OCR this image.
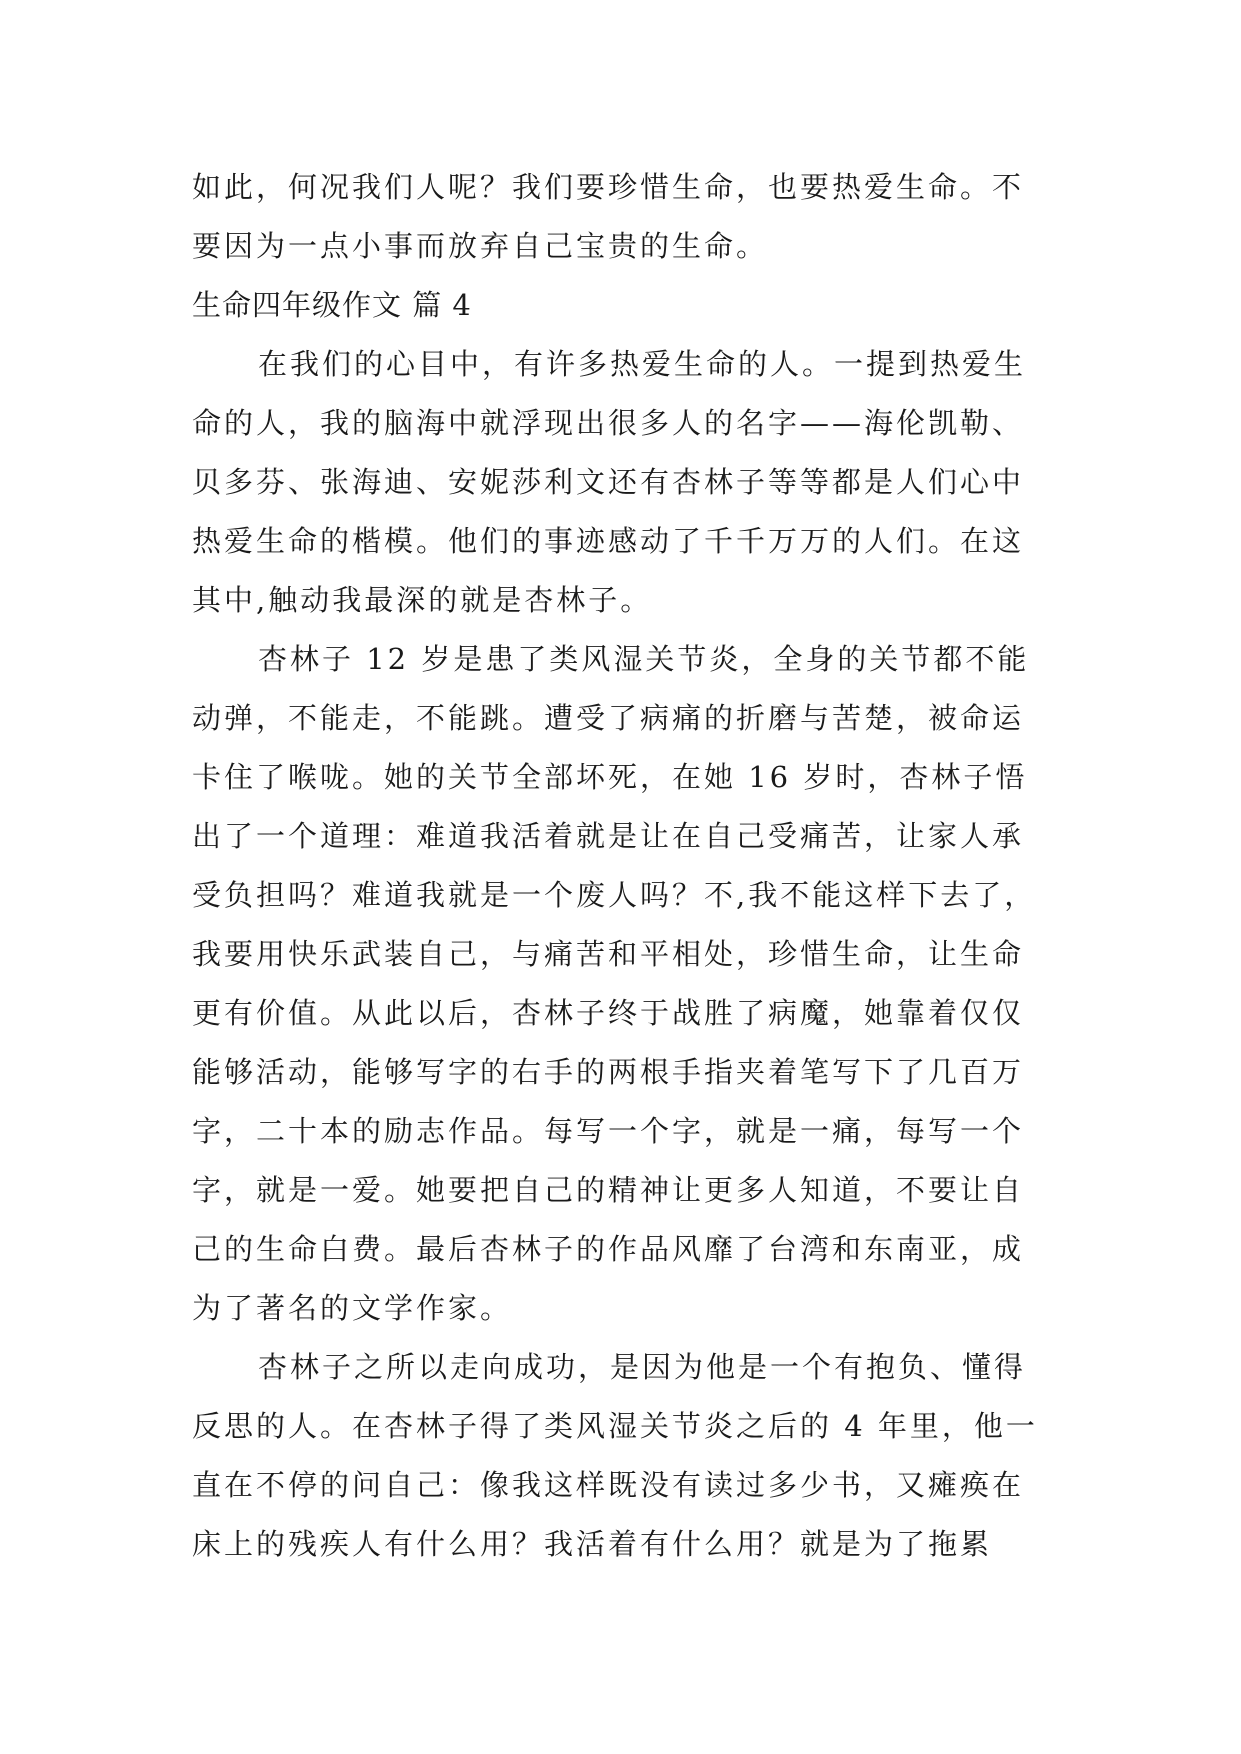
如此，何况我们人呢？我们要珍惜生命，也要热爱生命。不
要因为一点小事而放弃自己宝贵的生命。
生命四年级作文 篇 4
在我们的心目中，有许多热爱生命的人。一提到热爱生
命的人，我的脑海中就浮现出很多人的名字——海伦凯勒、
贝多芬、张海迪、安妮莎利文还有杏林子等等都是人们心中
热爱生命的楷模。他们的事迹感动了千千万万的人们。在这
其中,触动我最深的就是杏林子。
杏林子 12 岁是患了类风湿关节炎，全身的关节都不能
动弹，不能走，不能跳。遭受了病痛的折磨与苦楚，被命运
卡住了喉咙。她的关节全部坏死，在她 16 岁时，杏林子悟
出了一个道理：难道我活着就是让在自己受痛苦，让家人承
受负担吗？难道我就是一个废人吗？不,我不能这样下去了，
我要用快乐武装自己，与痛苦和平相处，珍惜生命，让生命
更有价值。从此以后，杏林子终于战胜了病魔，她靠着仅仅
能够活动，能够写字的右手的两根手指夹着笔写下了几百万
字，二十本的励志作品。每写一个字，就是一痛，每写一个
字，就是一爱。她要把自己的精神让更多人知道，不要让自
己的生命白费。最后杏林子的作品风靡了台湾和东南亚，成
为了著名的文学作家。
杏林子之所以走向成功，是因为他是一个有抱负、懂得
反思的人。在杏林子得了类风湿关节炎之后的 4 年里，他一
直在不停的问自己：像我这样既没有读过多少书，又瘫痪在
床上的残疾人有什么用？我活着有什么用？就是为了拖累
